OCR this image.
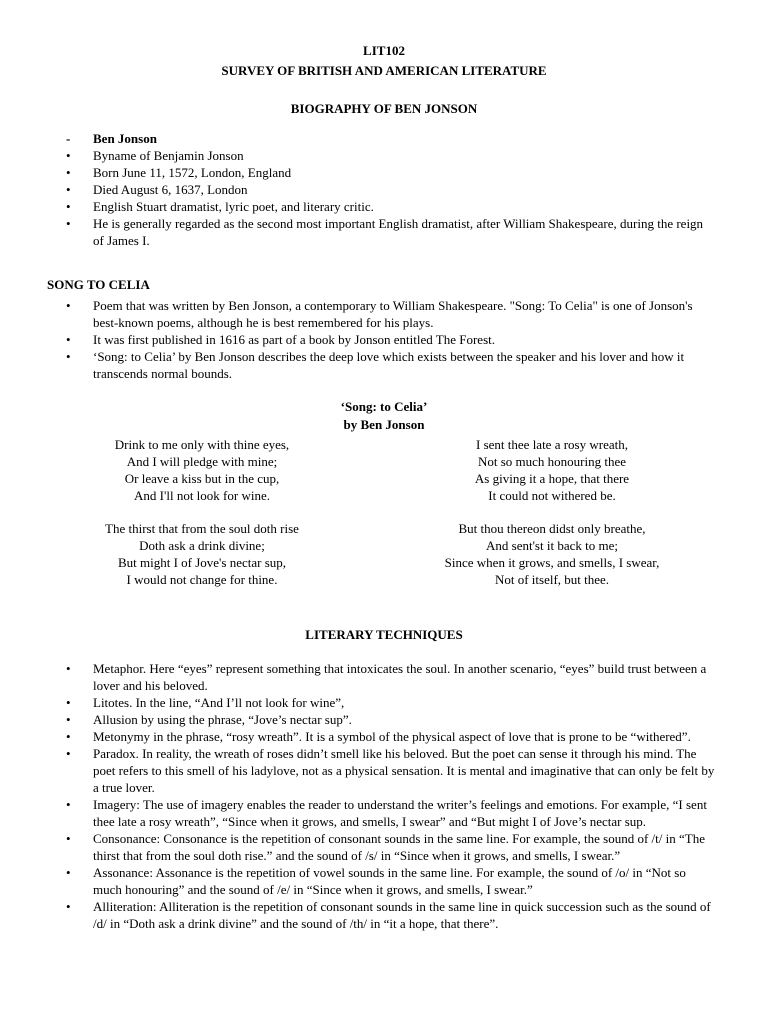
LIT102
SURVEY OF BRITISH AND AMERICAN LITERATURE
BIOGRAPHY OF BEN JONSON
-	Ben Jonson
•	Byname of Benjamin Jonson
•	Born June 11, 1572, London, England
•	Died August 6, 1637, London
•	English Stuart dramatist, lyric poet, and literary critic.
•	He is generally regarded as the second most important English dramatist, after William Shakespeare, during the reign of James I.
SONG TO CELIA
•	Poem that was written by Ben Jonson, a contemporary to William Shakespeare. "Song: To Celia" is one of Jonson's best-known poems, although he is best remembered for his plays.
•	It was first published in 1616 as part of a book by Jonson entitled The Forest.
•	‘Song: to Celia’ by Ben Jonson describes the deep love which exists between the speaker and his lover and how it transcends normal bounds.
‘Song: to Celia’
by Ben Jonson
Drink to me only with thine eyes,
And I will pledge with mine;
Or leave a kiss but in the cup,
And I'll not look for wine.
The thirst that from the soul doth rise
Doth ask a drink divine;
But might I of Jove's nectar sup,
I would not change for thine.
I sent thee late a rosy wreath,
Not so much honouring thee
As giving it a hope, that there
It could not withered be.
But thou thereon didst only breathe,
And sent'st it back to me;
Since when it grows, and smells, I swear,
Not of itself, but thee.
LITERARY TECHNIQUES
•	Metaphor. Here “eyes” represent something that intoxicates the soul. In another scenario, “eyes” build trust between a lover and his beloved.
•	Litotes. In the line, “And I’ll not look for wine”,
•	Allusion by using the phrase, “Jove’s nectar sup”.
•	Metonymy in the phrase, “rosy wreath”. It is a symbol of the physical aspect of love that is prone to be “withered”.
•	Paradox. In reality, the wreath of roses didn’t smell like his beloved. But the poet can sense it through his mind. The poet refers to this smell of his ladylove, not as a physical sensation. It is mental and imaginative that can only be felt by a true lover.
•	Imagery: The use of imagery enables the reader to understand the writer’s feelings and emotions. For example, “I sent thee late a rosy wreath”, “Since when it grows, and smells, I swear” and “But might I of Jove’s nectar sup.
•	Consonance: Consonance is the repetition of consonant sounds in the same line. For example, the sound of /t/ in “The thirst that from the soul doth rise.” and the sound of /s/ in “Since when it grows, and smells, I swear.”
•	Assonance: Assonance is the repetition of vowel sounds in the same line. For example, the sound of /o/ in “Not so much honouring” and the sound of /e/ in “Since when it grows, and smells, I swear.”
•	Alliteration: Alliteration is the repetition of consonant sounds in the same line in quick succession such as the sound of /d/ in “Doth ask a drink divine” and the sound of /th/ in “it a hope, that there”.
